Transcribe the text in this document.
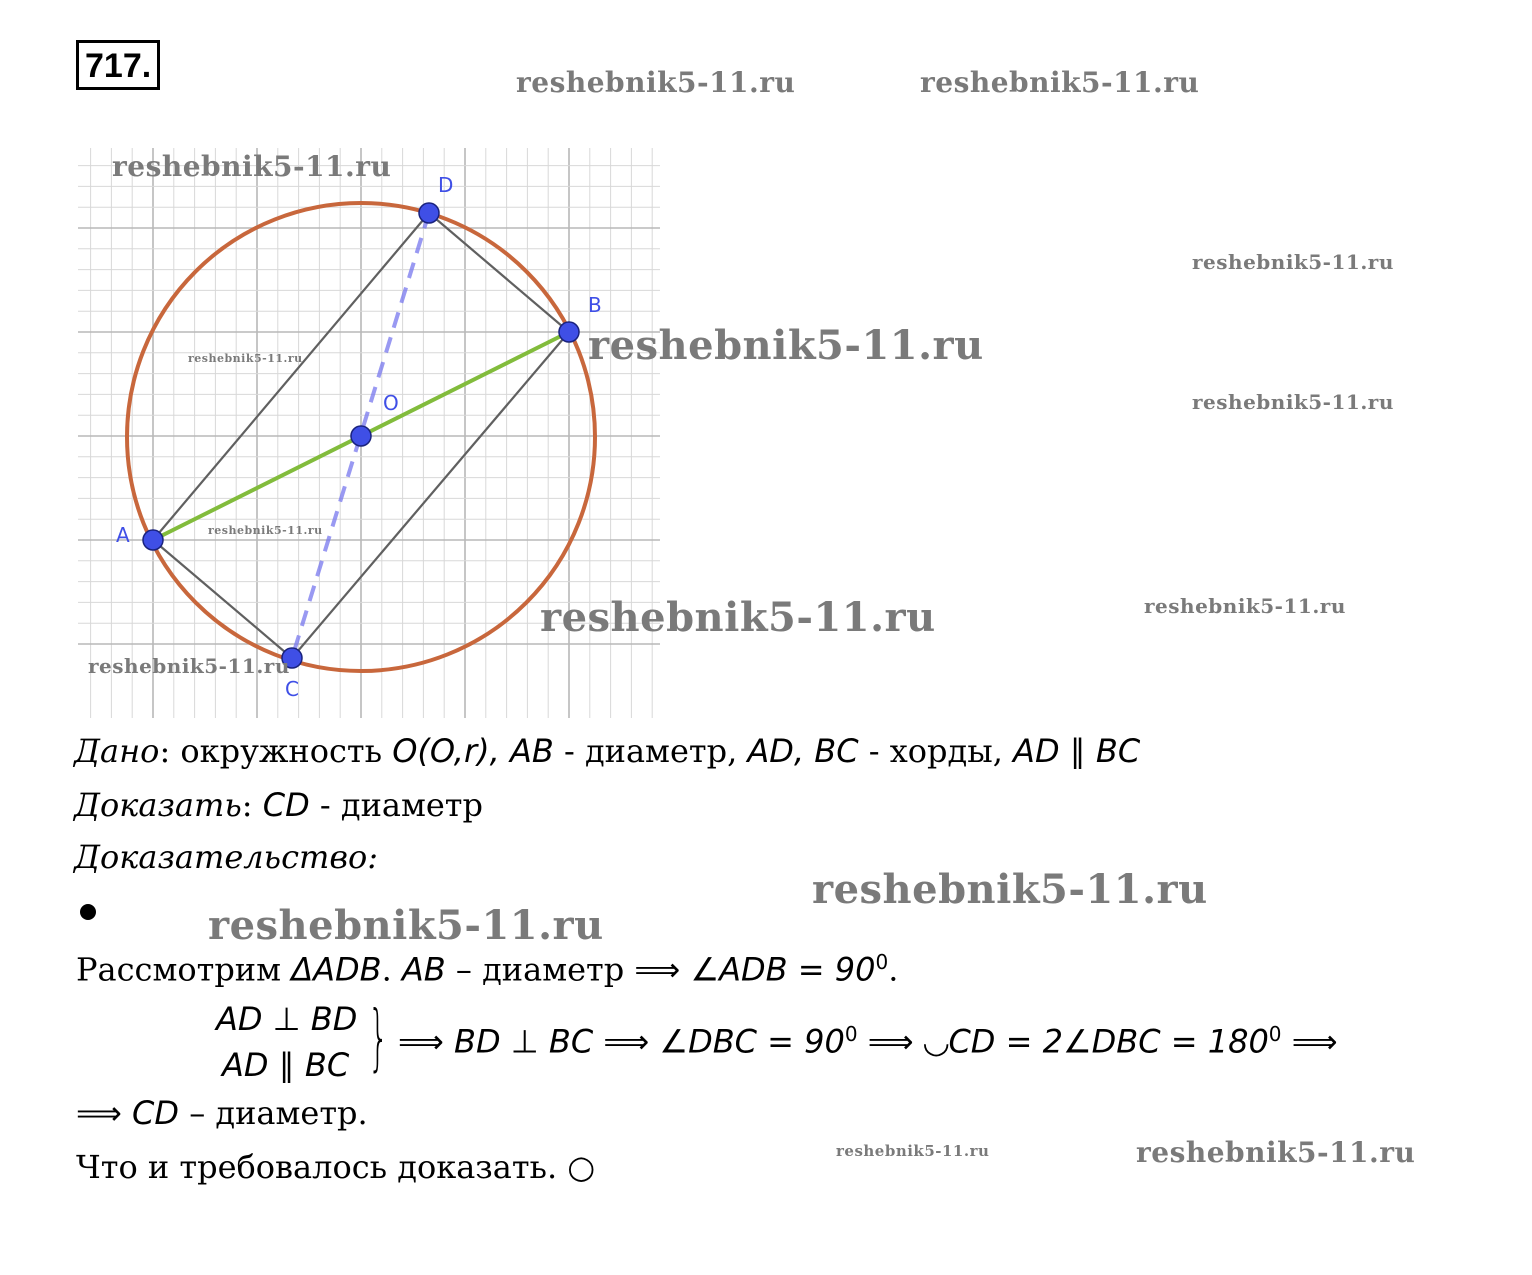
717.
A
B
C
D
O
reshebnik5-11.ru	reshebnik5-11.ru
reshebnik5-11.ru
reshebnik5-11.ru
reshebnik5-11.ru
reshebnik5-11.ru
reshebnik5-11.ru
reshebnik5-11.ru
reshebnik5-11.ru
reshebnik5-11.ru
reshebnik5-11.ru
reshebnik5-11.ru
reshebnik5-11.ru
reshebnik5-11.ru	reshebnik5-11.ru
Дано: окружность O(O,r), AB - диаметр, AD, BC - хорды, AD ∥ BC
Доказать: CD - диаметр
Доказательство:
Рассмотрим ΔADB. AB – диаметр ⟹ ∠ADB = $90^0$.
AD ⊥ BD
AD ∥ BC } ⟹ BD ⊥ BC ⟹ ∠DBC = $90^0$ ⟹ ◡CD = 2∠DBC = $180^0$ ⟹
⟹ CD – диаметр.
Что и требовалось доказать. ○
